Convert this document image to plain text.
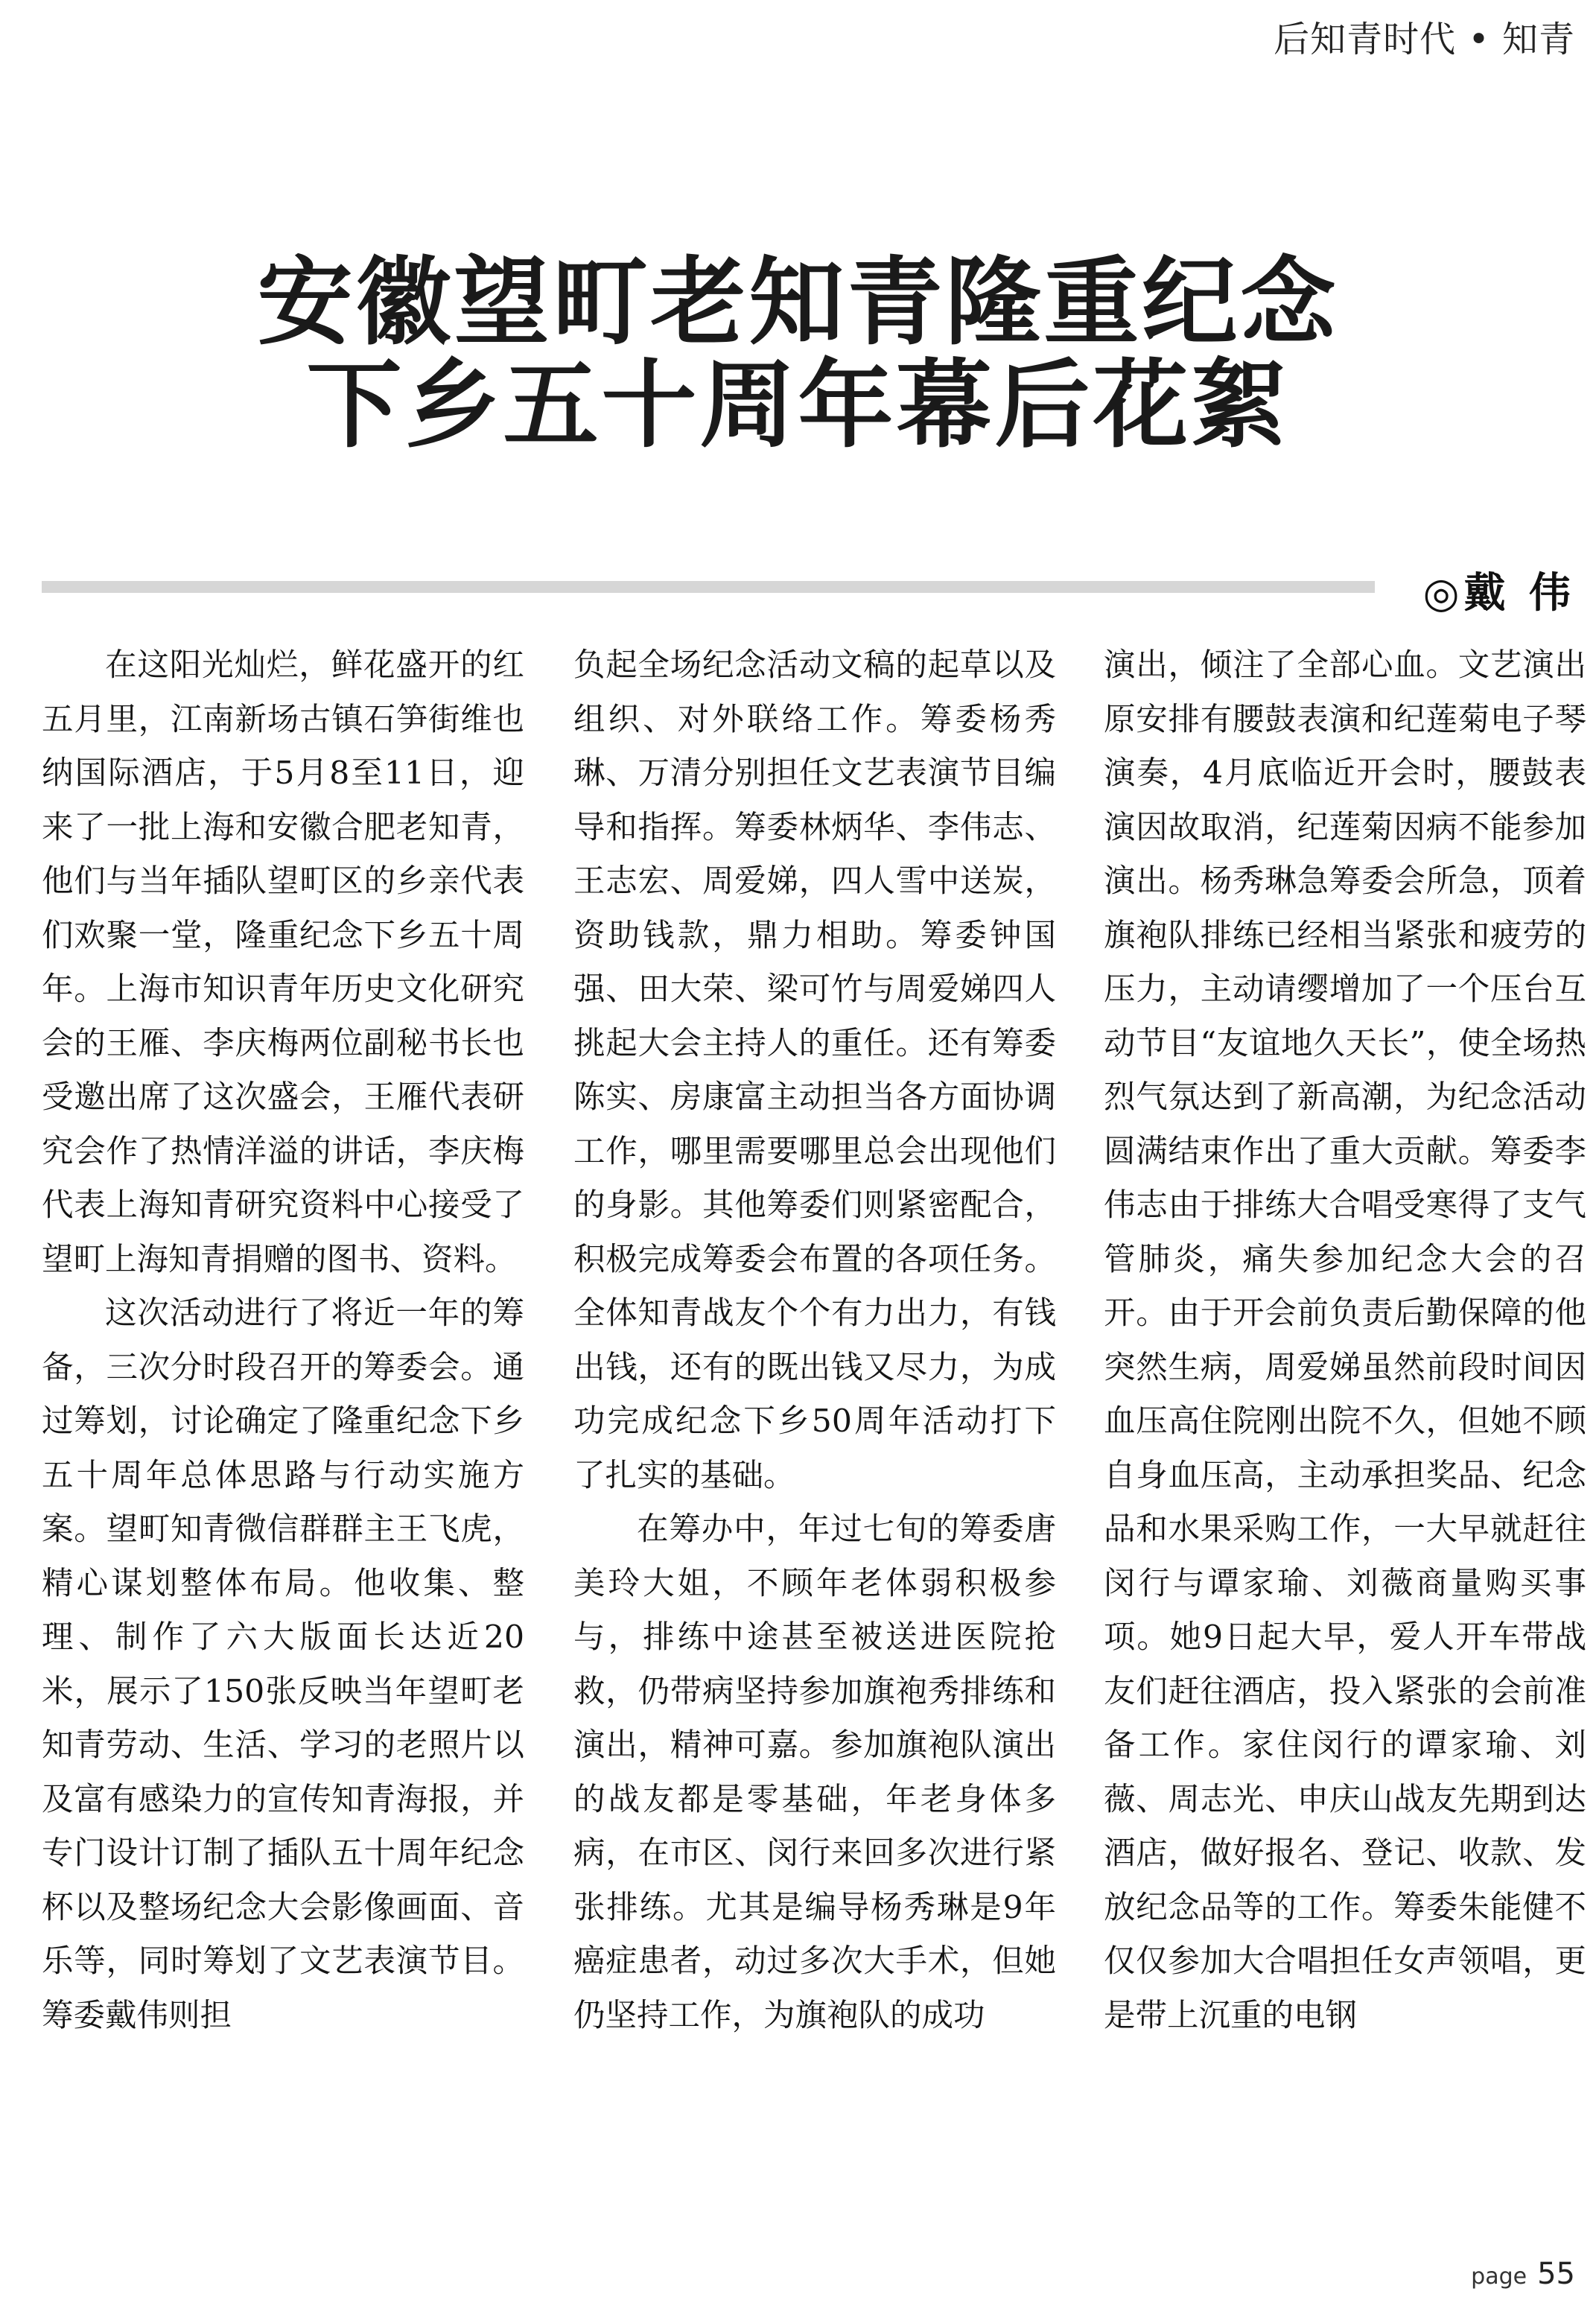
后知青时代 • 知青
安徽望町老知青隆重纪念
下乡五十周年幕后花絮
◎戴 伟

在这阳光灿烂，鲜花盛开的红五月里，江南新场古镇石笋街维也纳国际酒店，于5月8至11日，迎来了一批上海和安徽合肥老知青，他们与当年插队望町区的乡亲代表们欢聚一堂，隆重纪念下乡五十周年。上海市知识青年历史文化研究会的王雁、李庆梅两位副秘书长也受邀出席了这次盛会，王雁代表研究会作了热情洋溢的讲话，李庆梅代表上海知青研究资料中心接受了望町上海知青捐赠的图书、资料。

这次活动进行了将近一年的筹备，三次分时段召开的筹委会。通过筹划，讨论确定了隆重纪念下乡五十周年总体思路与行动实施方案。望町知青微信群群主王飞虎，精心谋划整体布局。他收集、整理、制作了六大版面长达近20米，展示了150张反映当年望町老知青劳动、生活、学习的老照片以及富有感染力的宣传知青海报，并专门设计订制了插队五十周年纪念杯以及整场纪念大会影像画面、音乐等，同时筹划了文艺表演节目。筹委戴伟则担

负起全场纪念活动文稿的起草以及组织、对外联络工作。筹委杨秀琳、万清分别担任文艺表演节目编导和指挥。筹委林炳华、李伟志、王志宏、周爱娣，四人雪中送炭，资助钱款，鼎力相助。筹委钟国强、田大荣、梁可竹与周爱娣四人挑起大会主持人的重任。还有筹委陈实、房康富主动担当各方面协调工作，哪里需要哪里总会出现他们的身影。其他筹委们则紧密配合，积极完成筹委会布置的各项任务。全体知青战友个个有力出力，有钱出钱，还有的既出钱又尽力，为成功完成纪念下乡50周年活动打下了扎实的基础。

在筹办中，年过七旬的筹委唐美玲大姐，不顾年老体弱积极参与，排练中途甚至被送进医院抢救，仍带病坚持参加旗袍秀排练和演出，精神可嘉。参加旗袍队演出的战友都是零基础，年老身体多病，在市区、闵行来回多次进行紧张排练。尤其是编导杨秀琳是9年癌症患者，动过多次大手术，但她仍坚持工作，为旗袍队的成功

演出，倾注了全部心血。文艺演出原安排有腰鼓表演和纪莲菊电子琴演奏，4月底临近开会时，腰鼓表演因故取消，纪莲菊因病不能参加演出。杨秀琳急筹委会所急，顶着旗袍队排练已经相当紧张和疲劳的压力，主动请缨增加了一个压台互动节目“友谊地久天长”，使全场热烈气氛达到了新高潮，为纪念活动圆满结束作出了重大贡献。筹委李伟志由于排练大合唱受寒得了支气管肺炎，痛失参加纪念大会的召开。由于开会前负责后勤保障的他突然生病，周爱娣虽然前段时间因血压高住院刚出院不久，但她不顾自身血压高，主动承担奖品、纪念品和水果采购工作，一大早就赶往闵行与谭家瑜、刘薇商量购买事项。她9日起大早，爱人开车带战友们赶往酒店，投入紧张的会前准备工作。家住闵行的谭家瑜、刘薇、周志光、申庆山战友先期到达酒店，做好报名、登记、收款、发放纪念品等的工作。筹委朱能健不仅仅参加大合唱担任女声领唱，更是带上沉重的电钢

page 55
